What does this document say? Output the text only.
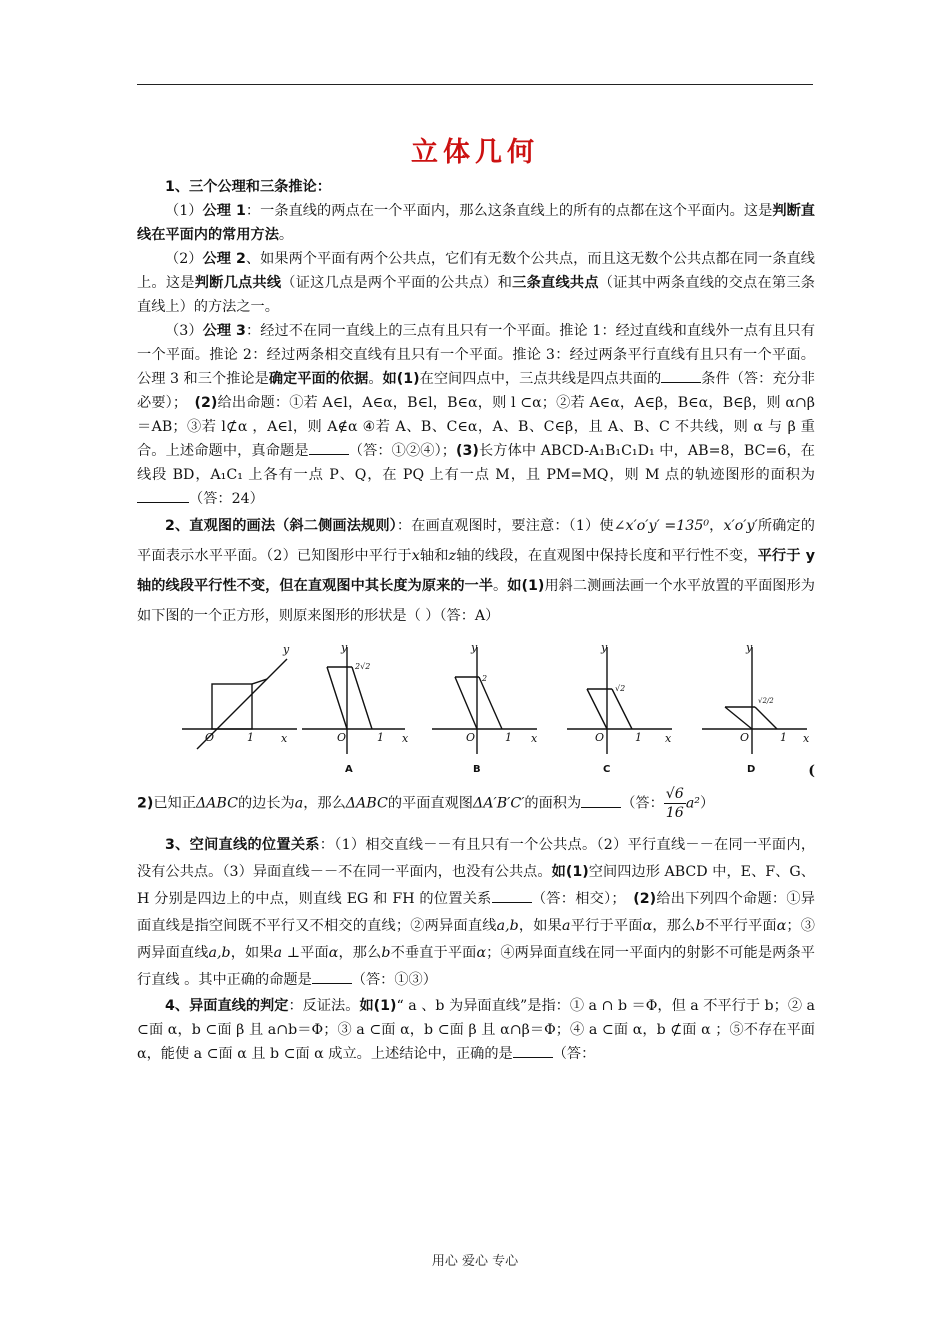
立体几何

1、三个公理和三条推论：

（1）公理 1：一条直线的两点在一个平面内，那么这条直线上的所有的点都在这个平面内。这是判断直线在平面内的常用方法。

（2）公理 2、如果两个平面有两个公共点，它们有无数个公共点，而且这无数个公共点都在同一条直线上。这是判断几点共线（证这几点是两个平面的公共点）和三条直线共点（证其中两条直线的交点在第三条直线上）的方法之一。

（3）公理 3：经过不在同一直线上的三点有且只有一个平面。推论 1：经过直线和直线外一点有且只有一个平面。推论 2：经过两条相交直线有且只有一个平面。推论 3：经过两条平行直线有且只有一个平面。公理 3 和三个推论是确定平面的依据。如(1)在空间四点中，三点共线是四点共面的	条件（答：充分非必要）；　 (2)给出命题：①若 A∈l，A∈α，B∈l，B∈α，则 l ⊂α；②若 A∈α，A∈β，B∈α，B∈β，则 α∩β＝AB；③若 l⊄α ，A∈l，则 A∉α ④若 A、B、C∈α，A、B、C∈β，且 A、B、C 不共线，则 α 与 β 重合。上述命题中，真命题是	（答：①②④）；(3)长方体中 ABCD-A₁B₁C₁D₁ 中，AB=8，BC=6，在线段 BD，A₁C₁ 上各有一点 P、Q，在 PQ 上有一点 M，且 PM=MQ，则 M 点的轨迹图形的面积为（答：24）

2、直观图的画法（斜二侧画法规则）：在画直观图时，要注意：（1）使∠x′o′y′ =135⁰，x′o′y′所确定的平面表示水平平面。（2）已知图形中平行于x轴和z轴的线段，在直观图中保持长度和平行性不变，平行于 y 轴的线段平行性不变，但在直观图中其长度为原来的一半。如(1)用斜二测画法画一个水平放置的平面图形为如下图的一个正方形，则原来图形的形状是（ ）（答：A）

O	1 x
y
O	1 x
y
2√2
O	1 x
y
2
O	1 x
y
√2
O	1 x
y
√2/2
A	B	C	D	(

2)已知正ΔABC的边长为a，那么ΔABC的平面直观图ΔA′B′C′的面积为	（答： $\frac{√6}{16} a^2$）

3、空间直线的位置关系：（1）相交直线－－有且只有一个公共点。（2）平行直线－－在同一平面内，没有公共点。（3）异面直线－－不在同一平面内，也没有公共点。如(1)空间四边形 ABCD 中，E、F、G、H 分别是四边上的中点，则直线 EG 和 FH 的位置关系	（答：相交）；　 (2)给出下列四个命题：①异面直线是指空间既不平行又不相交的直线；②两异面直线a,b，如果a平行于平面α，那么b不平行平面α；③两异面直线a,b，如果a ⊥平面α，那么b不垂直于平面α；④两异面直线在同一平面内的射影不可能是两条平行直线 。其中正确的命题是	（答：①③）

4、异面直线的判定：反证法。如(1)“ a 、b 为异面直线”是指：① a ∩ b ＝Φ，但 a 不平行于 b；② a ⊂面 α，b ⊂面 β 且 a∩b＝Φ；③ a ⊂面 α，b ⊂面 β 且 α∩β＝Φ；④ a ⊂面 α，b ⊄面 α ；⑤不存在平面 α，能使 a ⊂面 α 且 b ⊂面 α 成立。上述结论中，正确的是	（答：

用心 爱心 专心
